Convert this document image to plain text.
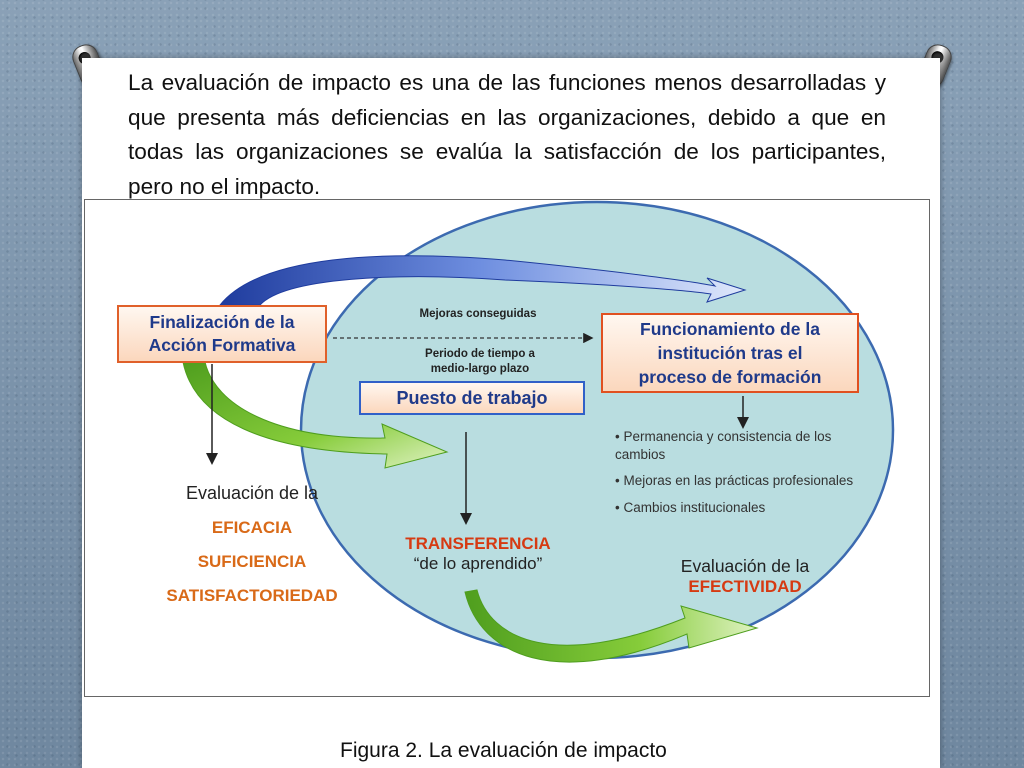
La evaluación de impacto es una de las funciones menos desarrolladas y que presenta más deficiencias en las organizaciones, debido a que en todas las organizaciones se evalúa la satisfacción de los participantes, pero no el impacto.

Finalización de la
Acción Formativa
Mejoras conseguidas
Periodo de tiempo a
medio-largo plazo
Puesto de trabajo
Funcionamiento de la
institución tras el
proceso de formación
• Permanencia y consistencia de los cambios
• Mejoras en las prácticas profesionales
• Cambios institucionales
Evaluación de la
EFICACIA
SUFICIENCIA
SATISFACTORIEDAD
TRANSFERENCIA
“de lo aprendido”	Evaluación de la
EFECTIVIDAD
Figura 2. La evaluación de impacto
